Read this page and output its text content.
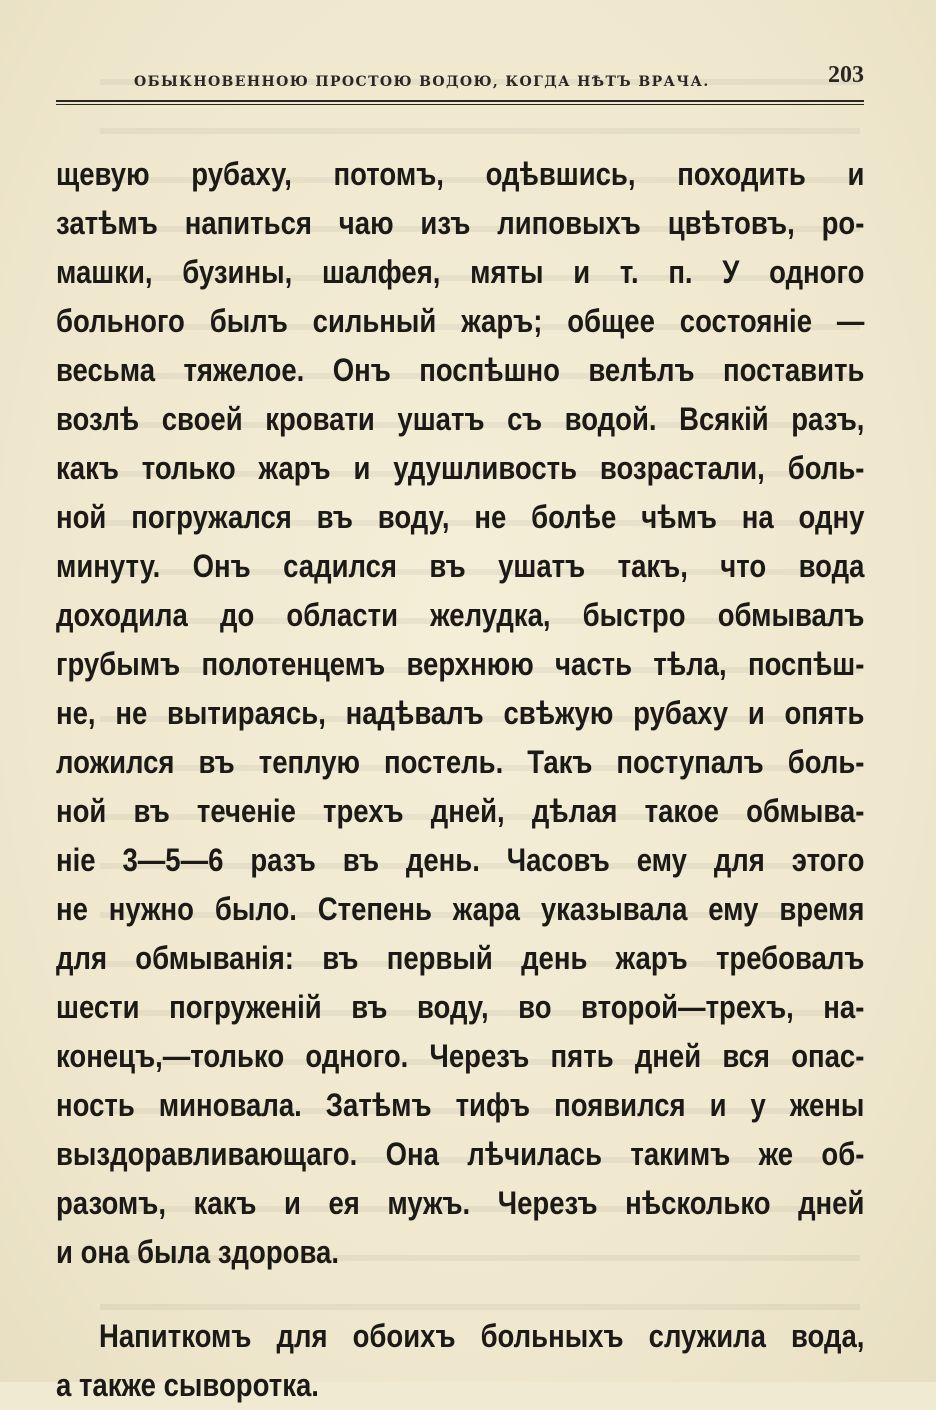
ОБЫКНОВЕННОЮ ПРОСТОЮ ВОДОЮ, КОГДА НѢТЪ ВРАЧА.	203
щевую рубаху, потомъ, одѣвшись, походить и
затѣмъ напиться чаю изъ липовыхъ цвѣтовъ, ро-
машки, бузины, шалфея, мяты и т. п. У одного
больного былъ сильный жаръ; общее состояніе —
весьма тяжелое. Онъ поспѣшно велѣлъ поставить
возлѣ своей кровати ушатъ съ водой. Всякій разъ,
какъ только жаръ и удушливость возрастали, боль-
ной погружался въ воду, не болѣе чѣмъ на одну
минуту. Онъ садился въ ушатъ такъ, что вода
доходила до области желудка, быстро обмывалъ
грубымъ полотенцемъ верхнюю часть тѣла, поспѣш-
не, не вытираясь, надѣвалъ свѣжую рубаху и опять
ложился въ теплую постель. Такъ поступалъ боль-
ной въ теченіе трехъ дней, дѣлая такое обмыва-
ніе 3—5—6 разъ въ день. Часовъ ему для этого
не нужно было. Степень жара указывала ему время
для обмыванія: въ первый день жаръ требовалъ
шести погруженій въ воду, во второй—трехъ, на-
конецъ,—только одного. Черезъ пять дней вся опас-
ность миновала. Затѣмъ тифъ появился и у жены
выздоравливающаго. Она лѣчилась такимъ же об-
разомъ, какъ и ея мужъ. Черезъ нѣсколько дней
и она была здорова.
Напиткомъ для обоихъ больныхъ служила вода,
а также сыворотка.
